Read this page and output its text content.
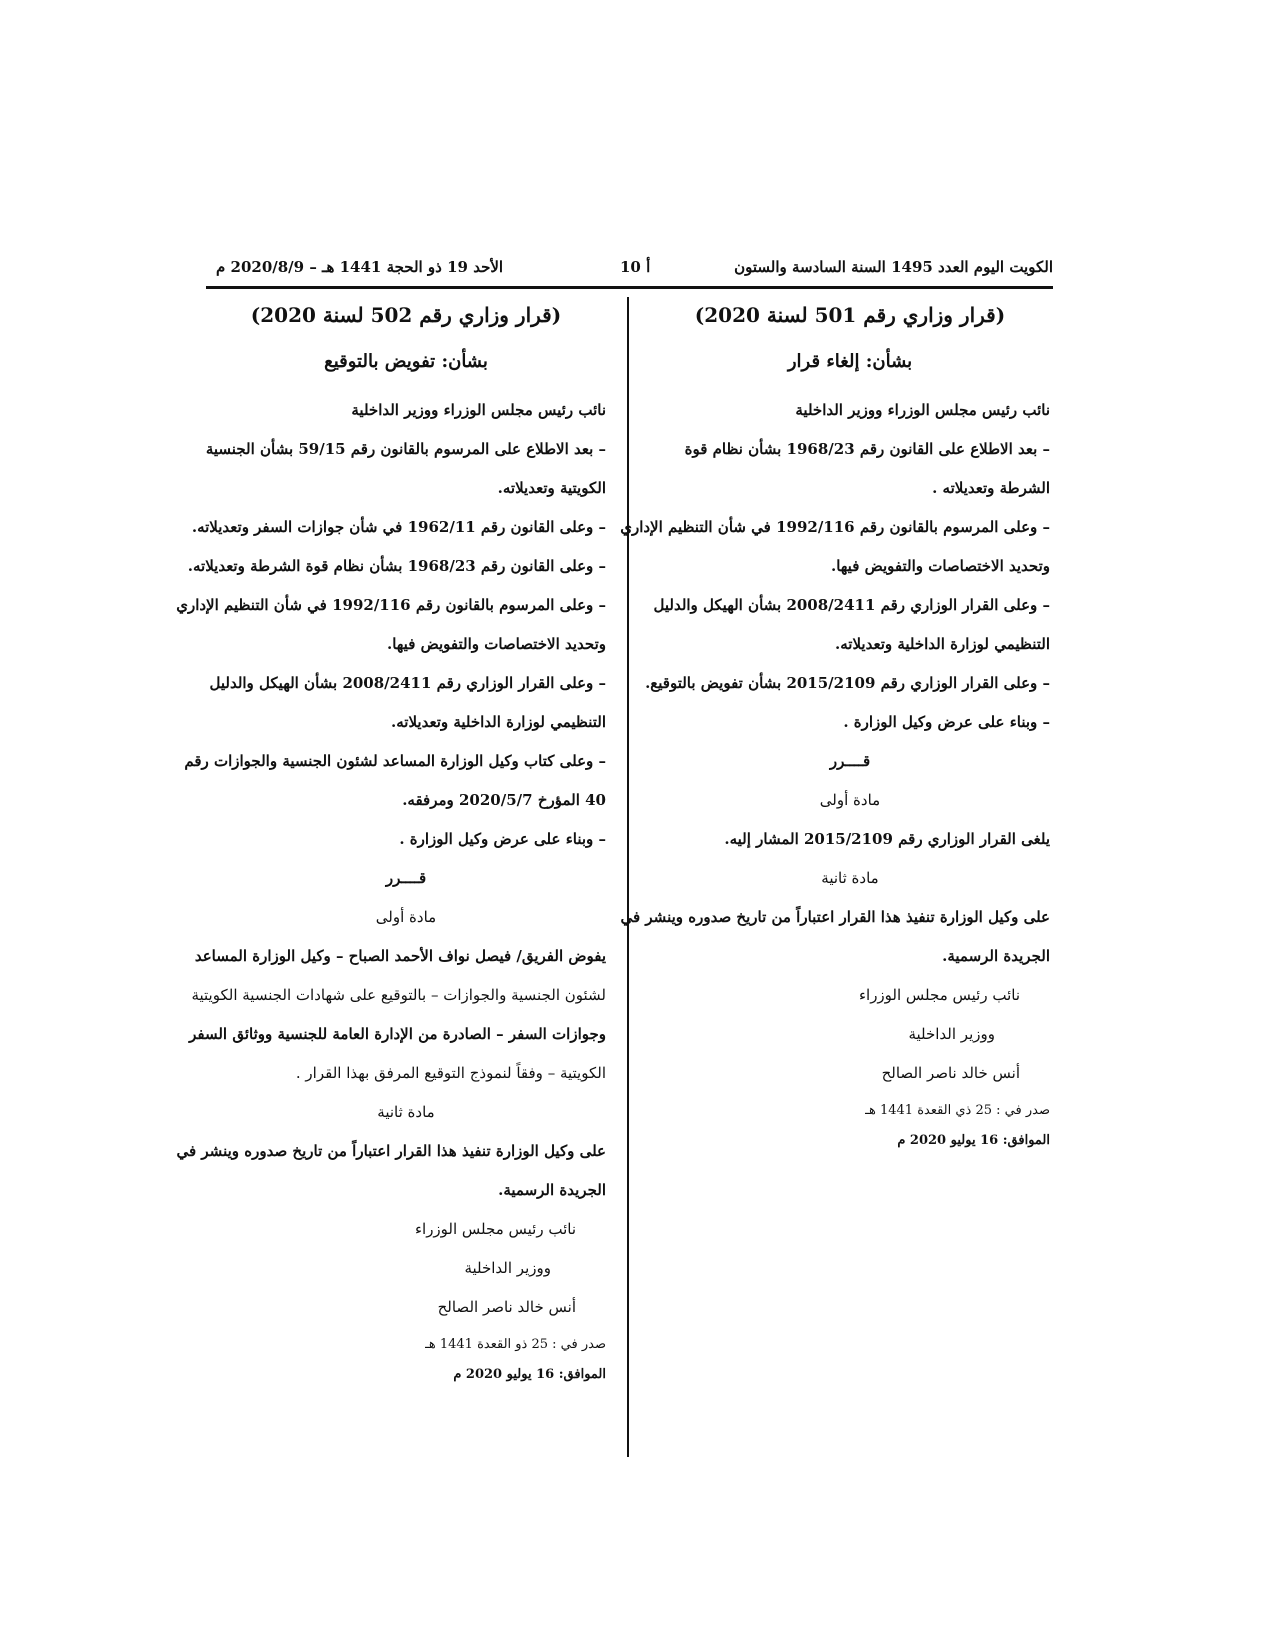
الكويت اليوم العدد 1495 السنة السادسة والستون
أ 10
الأحد 19 ذو الحجة 1441 هـ – 2020/8/9 م

(قرار وزاري رقم 501 لسنة 2020)

بشأن: إلغاء قرار

نائب رئيس مجلس الوزراء ووزير الداخلية

– بعد الاطلاع على القانون رقم 1968/23 بشأن نظام قوة

الشرطة وتعديلاته .

– وعلى المرسوم بالقانون رقم 1992/116 في شأن التنظيم الإداري

وتحديد الاختصاصات والتفويض فيها.

– وعلى القرار الوزاري رقم 2008/2411 بشأن الهيكل والدليل

التنظيمي لوزارة الداخلية وتعديلاته.

– وعلى القرار الوزاري رقم 2015/2109 بشأن تفويض بالتوقيع.

– وبناء على عرض وكيل الوزارة .

قــــرر

مادة أولى

يلغى القرار الوزاري رقم 2015/2109 المشار إليه.

مادة ثانية

على وكيل الوزارة تنفيذ هذا القرار اعتباراً من تاريخ صدوره وينشر في

الجريدة الرسمية.

نائب رئيس مجلس الوزراء

ووزير الداخلية

أنس خالد ناصر الصالح

صدر في : 25 ذي القعدة 1441 هـ

الموافق: 16 يوليو 2020 م

(قرار وزاري رقم 502 لسنة 2020)

بشأن: تفويض بالتوقيع

نائب رئيس مجلس الوزراء ووزير الداخلية

– بعد الاطلاع على المرسوم بالقانون رقم 59/15 بشأن الجنسية

الكويتية وتعديلاته.

– وعلى القانون رقم 1962/11 في شأن جوازات السفر وتعديلاته.

– وعلى القانون رقم 1968/23 بشأن نظام قوة الشرطة وتعديلاته.

– وعلى المرسوم بالقانون رقم 1992/116 في شأن التنظيم الإداري

وتحديد الاختصاصات والتفويض فيها.

– وعلى القرار الوزاري رقم 2008/2411 بشأن الهيكل والدليل

التنظيمي لوزارة الداخلية وتعديلاته.

– وعلى كتاب وكيل الوزارة المساعد لشئون الجنسية والجوازات رقم

40 المؤرخ 2020/5/7 ومرفقه.

– وبناء على عرض وكيل الوزارة .

قــــرر

مادة أولى

يفوض الفريق/ فيصل نواف الأحمد الصباح – وكيل الوزارة المساعد

لشئون الجنسية والجوازات – بالتوقيع على شهادات الجنسية الكويتية

وجوازات السفر – الصادرة من الإدارة العامة للجنسية ووثائق السفر

الكويتية – وفقاً لنموذج التوقيع المرفق بهذا القرار .

مادة ثانية

على وكيل الوزارة تنفيذ هذا القرار اعتباراً من تاريخ صدوره وينشر في

الجريدة الرسمية.

نائب رئيس مجلس الوزراء

ووزير الداخلية

أنس خالد ناصر الصالح

صدر في : 25 ذو القعدة 1441 هـ

الموافق: 16 يوليو 2020 م
